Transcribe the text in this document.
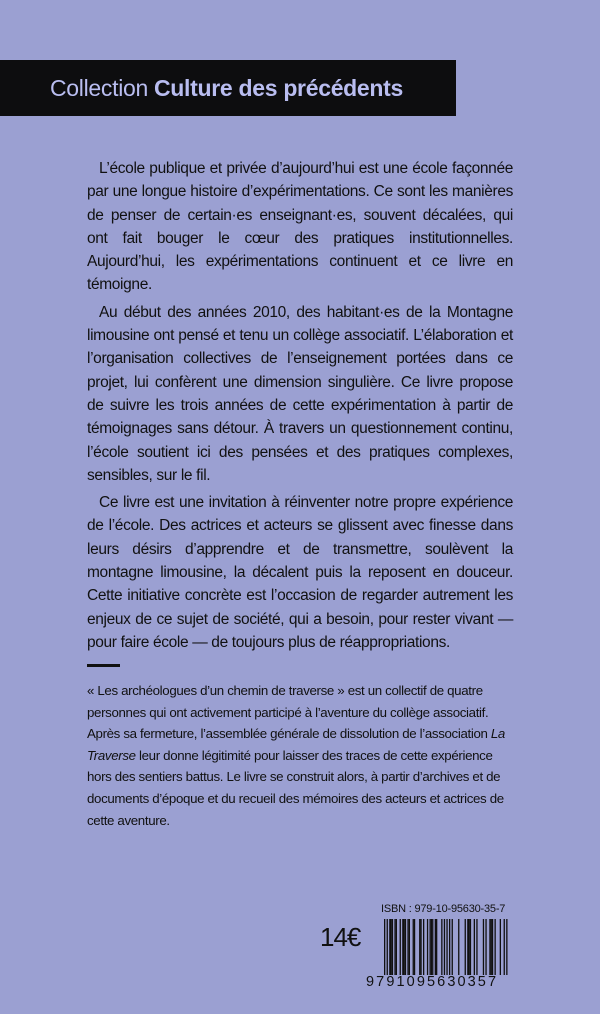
Collection Culture des précédents

L’école publique et privée d’aujourd’hui est une école façonnée par une longue histoire d’expérimentations. Ce sont les manières de penser de certain·es enseignant·es, souvent décalées, qui ont fait bouger le cœur des pratiques institutionnelles. Aujourd’hui, les expérimentations continuent et ce livre en témoigne.

Au début des années 2010, des habitant·es de la Montagne limousine ont pensé et tenu un collège associatif. L’élaboration et l’organisation collectives de l’enseignement portées dans ce projet, lui confèrent une dimension singulière. Ce livre propose de suivre les trois années de cette expérimentation à partir de témoignages sans détour. À travers un questionnement continu, l’école soutient ici des pensées et des pratiques complexes, sensibles, sur le fil.

Ce livre est une invitation à réinventer notre propre expérience de l’école. Des actrices et acteurs se glissent avec finesse dans leurs désirs d’apprendre et de transmettre, soulèvent la montagne limousine, la décalent puis la reposent en douceur. Cette initiative concrète est l’occasion de regarder autrement les enjeux de ce sujet de société, qui a besoin, pour rester vivant — pour faire école — de toujours plus de réappropriations.

« Les archéologues d’un chemin de traverse » est un collectif de quatre personnes qui ont activement participé à l’aventure du collège associatif. Après sa fermeture, l’assemblée générale de dissolution de l’association La Traverse leur donne légitimité pour laisser des traces de cette expérience hors des sentiers battus. Le livre se construit alors, à partir d’archives et de documents d’époque et du recueil des mémoires des acteurs et actrices de cette aventure.

ISBN : 979-10-95630-35-7
14€
9791095630357
